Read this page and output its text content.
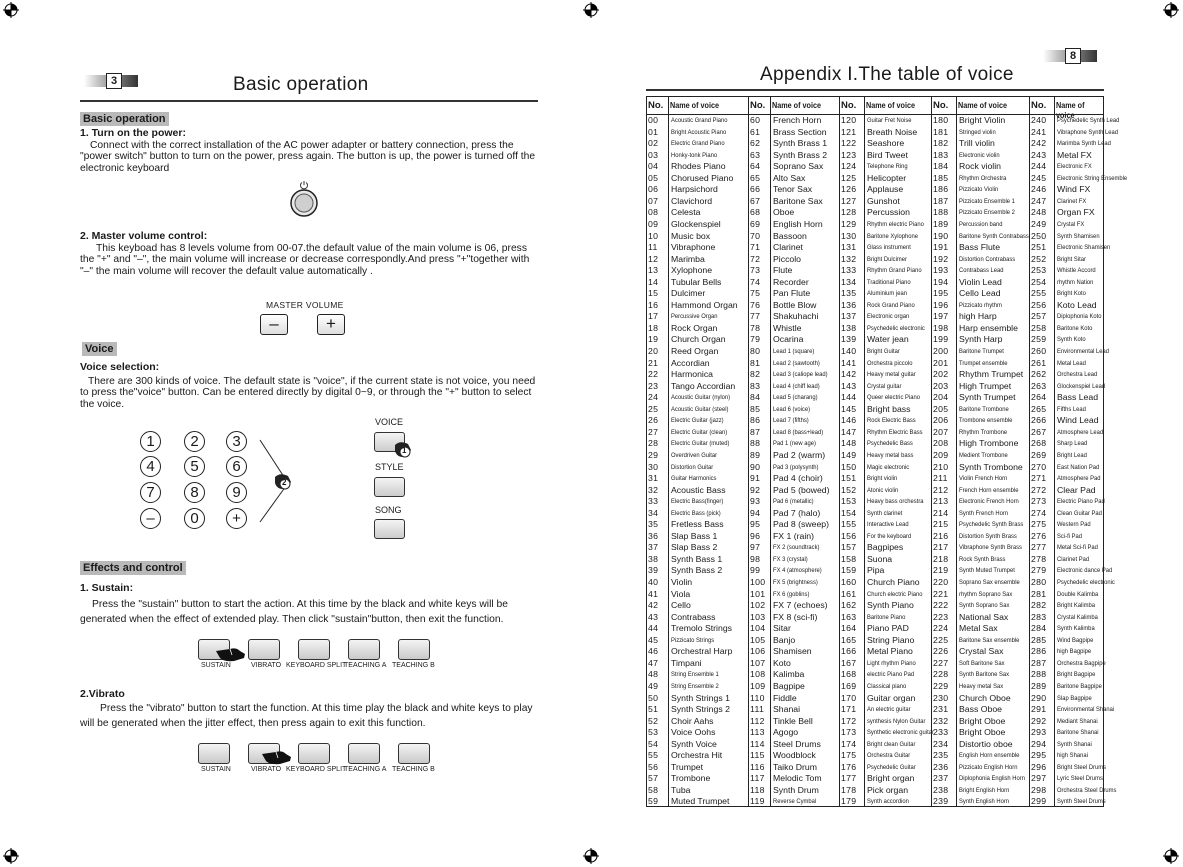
3	Basic operation
Basic operation
1. Turn on the power:
Connect with the correct installation of the AC power adapter or battery connection, press the "power switch" button to turn on the power, press again. The button is up, the power is turned off the electronic keyboard
2. Master volume control:
This keyboad has 8 levels volume from 00-07.the default value of the main volume is 06, press the "+" and "–", the main volume will increase or decrease correspondly.And press "+"together with "–" the main volume will recover the default value automatically .
MASTER VOLUME
–	+
Voice
Voice selection:
There are 300 kinds of voice. The default state is "voice", if the current state is not voice, you need to press the"voice" button. Can be entered directly by digital 0~9, or through the "+" button to select the voice.
1	2	3
4	5	6
7	8	9
–	0	+
2
VOICE
1
STYLE
SONG
Effects and control
1. Sustain:
Press the "sustain" button to start the action. At this time by the black and white keys will be generated when the effect of extended play. Then click "sustain"button, then exit the function.
SUSTAIN	VIBRATO KEYBOARD SPLIT
TEACHING A TEACHING B
2.Vibrato
Press the "vibrato" button to start the function. At this time play the black and white keys to play will be generated when the jitter effect, then press again to exit this function.
SUSTAIN	VIBRATO KEYBOARD SPLIT
TEACHING A TEACHING B
8
Appendix I.The table of voice
No. Name of voice
00 Acoustic Grand Piano
01 Bright Acoustic Piano
02 Electric Grand Piano
03 Honky-tonk Piano
04 Rhodes Piano
05 Chorused Piano
06 Harpsichord
07 Clavichord
08 Celesta
09 Glockenspiel
10 Music box
11 Vibraphone
12 Marimba
13 Xylophone
14 Tubular Bells
15 Dulcimer
16 Hammond Organ
17 Percussive Organ
18 Rock Organ
19 Church Organ
20 Reed Organ
21 Accordian
22 Harmonica
23 Tango Accordian
24 Acoustic Guitar (nylon)
25 Acoustic Guitar (steel)
26 Electric Guitar (jazz)
27 Electric Guitar (clean)
28 Electric Guitar (muted)
29 Overdriven Guitar
30 Distortion Guitar
31 Guitar Harmonics
32 Acoustic Bass
33 Electric Bass(finger)
34 Electric Bass (pick)
35 Fretless Bass
36 Slap Bass 1
37 Slap Bass 2
38 Synth Bass 1
39 Synth Bass 2
40 Violin
41 Viola
42 Cello
43 Contrabass
44 Tremolo Strings
45 Pizzicato Strings
46 Orchestral Harp
47 Timpani
48 String Ensemble 1
49 String Ensemble 2
50 Synth Strings 1
51 Synth Strings 2
52 Choir Aahs
53 Voice Oohs
54 Synth Voice
55 Orchestra Hit
56 Trumpet
57 Trombone
58 Tuba
59 Muted Trumpet
No. Name of voice
60 French Horn
61 Brass Section
62 Synth Brass 1
63 Synth Brass 2
64 Soprano Sax
65 Alto Sax
66 Tenor Sax
67 Baritone Sax
68 Oboe
69 English Horn
70 Bassoon
71 Clarinet
72 Piccolo
73 Flute
74 Recorder
75 Pan Flute
76 Bottle Blow
77 Shakuhachi
78 Whistle
79 Ocarina
80 Lead 1 (square)
81 Lead 2 (sawtooth)
82 Lead 3 (caliope lead)
83 Lead 4 (chiff lead)
84 Lead 5 (charang)
85 Lead 6 (voice)
86 Lead 7 (fifths)
87 Lead 8 (bass+lead)
88 Pad 1 (new age)
89 Pad 2 (warm)
90 Pad 3 (polysynth)
91 Pad 4 (choir)
92 Pad 5 (bowed)
93 Pad 6 (metallic)
94 Pad 7 (halo)
95 Pad 8 (sweep)
96 FX 1 (rain)
97 FX 2 (soundtrack)
98 FX 3 (crystal)
99 FX 4 (atmosphere)
100 FX 5 (brightness)
101 FX 6 (goblins)
102 FX 7 (echoes)
103 FX 8 (sci-fi)
104 Sitar
105 Banjo
106 Shamisen
107 Koto
108 Kalimba
109 Bagpipe
110 Fiddle
111 Shanai
112 Tinkle Bell
113 Agogo
114 Steel Drums
115 Woodblock
116 Taiko Drum
117 Melodic Tom
118 Synth Drum
119 Reverse Cymbal
No. Name of voice
120 Guitar Fret Noise
121 Breath Noise
122 Seashore
123 Bird Tweet
124 Telephone Ring
125 Helicopter
126 Applause
127 Gunshot
128 Percussion
129 Rhythm electric Piano
130 Baritone Xylophone
131 Glass instrument
132 Bright Dulcimer
133 Rhythm Grand Piano
134 Traditional Piano
135 Aluminium jean
136 Rock Grand Piano
137 Electronic organ
138 Psychedelic electronic
139 Water jean
140 Bright Guitar
141 Orchestra piccolo
142 Heavy metal guitar
143 Crystal guitar
144 Queer electric Piano
145 Bright bass
146 Rock Electric Bass
147 Rhythm Electric Bass
148 Psychedelic Bass
149 Heavy metal bass
150 Magic electronic
151 Bright violin
152 Atonic violin
153 Heavy bass orchestra
154 Synth clarinet
155 Interactive Lead
156 For the keyboard
157 Bagpipes
158 Suona
159 Pipa
160 Church Piano
161 Church electric Piano
162 Synth Piano
163 Baritone Piano
164 Piano PAD
165 String Piano
166 Metal Piano
167 Light rhythm Piano
168 electric Piano Pad
169 Classical piano
170 Guitar organ
171 An electric guitar
172 synthesis Nylon Guitar
173 Synthetic electronic guitar
174 Bright clean Guitar
175 Orchestra Guitar
176 Psychedelic Guitar
177 Bright organ
178 Pick organ
179 Synth accordion
No. Name of voice
180 Bright Violin
181 Stringed violin
182 Trill violin
183 Electronic violin
184 Rock violin
185 Rhythm Orchestra
186 Pizzicato Violin
187 Pizzicato Ensemble 1
188 Pizzicato Ensemble 2
189 Percussion band
190 Baritone Synth Contrabass
191 Bass Flute
192 Distortion Contrabass
193 Contrabass Lead
194 Violin Lead
195 Cello Lead
196 Pizzicato rhythm
197 high Harp
198 Harp ensemble
199 Synth Harp
200 Baritone Trumpet
201 Trumpet ensemble
202 Rhythm Trumpet
203 High Trumpet
204 Synth Trumpet
205 Baritone Trombone
206 Trombone ensemble
207 Rhythm Trombone
208 High Trombone
209 Medient Trombone
210 Synth Trombone
211 Violin French Horn
212 French Horn ensemble
213 Electronic French Horn
214 Synth French Horn
215 Psychedelic Synth Brass
216 Distortion Synth Brass
217 Vibraphone Synth Brass
218 Rock Synth Brass
219 Synth Muted Trumpet
220 Soprano Sax ensemble
221 rhythm Soprano Sax
222 Synth Soprano Sax
223 National Sax
224 Metal Sax
225 Baritone Sax ensemble
226 Crystal Sax
227 Soft Baritone Sax
228 Synth Baritone Sax
229 Heavy metal Sax
230 Church Oboe
231 Bass Oboe
232 Bright Oboe
233 Bright Oboe
234 Distortio oboe
235 English Horn ensemble
236 Pizzicato English Horn
237 Diplophonia English Horn
238 Bright English Horn
239 Synth English Horn
No. Name of voice
240 Psychedelic Synth Lead
241 Vibraphone Synth Lead
242 Marimba Synth Lead
243 Metal FX
244 Electronic FX
245 Electronic String Ensemble
246 Wind FX
247 Clarinet FX
248 Organ FX
249 Crystal FX
250 Synth Shamisen
251 Electronic Shamisen
252 Bright Sitar
253 Whistle Accord
254 rhythm Nation
255 Bright Koto
256 Koto Lead
257 Diplophonia Koto
258 Baritone Koto
259 Synth Koto
260 Environmental Lead
261 Metal Lead
262 Orchestra Lead
263 Glockenspiel Lead
264 Bass Lead
265 Fifths Lead
266 Wind Lead
267 Atmosphere Lead
268 Sharp Lead
269 Bright Lead
270 East Nation Pad
271 Atmosphere Pad
272 Clear Pad
273 Electric Piano Pad
274 Clean Guitar Pad
275 Western Pad
276 Sci-fi Pad
277 Metal Sci-fi Pad
278 Clarinet Pad
279 Electronic dance Pad
280 Psychedelic electronic
281 Double Kalimba
282 Bright Kalimba
283 Crystal Kalimba
284 Synth Kalimba
285 Wind Bagpipe
286 high Bagpipe
287 Orchestra Bagpipe
288 Bright Bagpipe
289 Baritone Bagpipe
290 Slap Bagpipe
291 Environmental Shanai
292 Mediant Shanai
293 Baritone Shanai
294 Synth Shanai
295 high Shanai
296 Bright Steel Drums
297 Lyric Steel Drums
298 Orchestra Steel Drums
299 Synth Steel Drums
